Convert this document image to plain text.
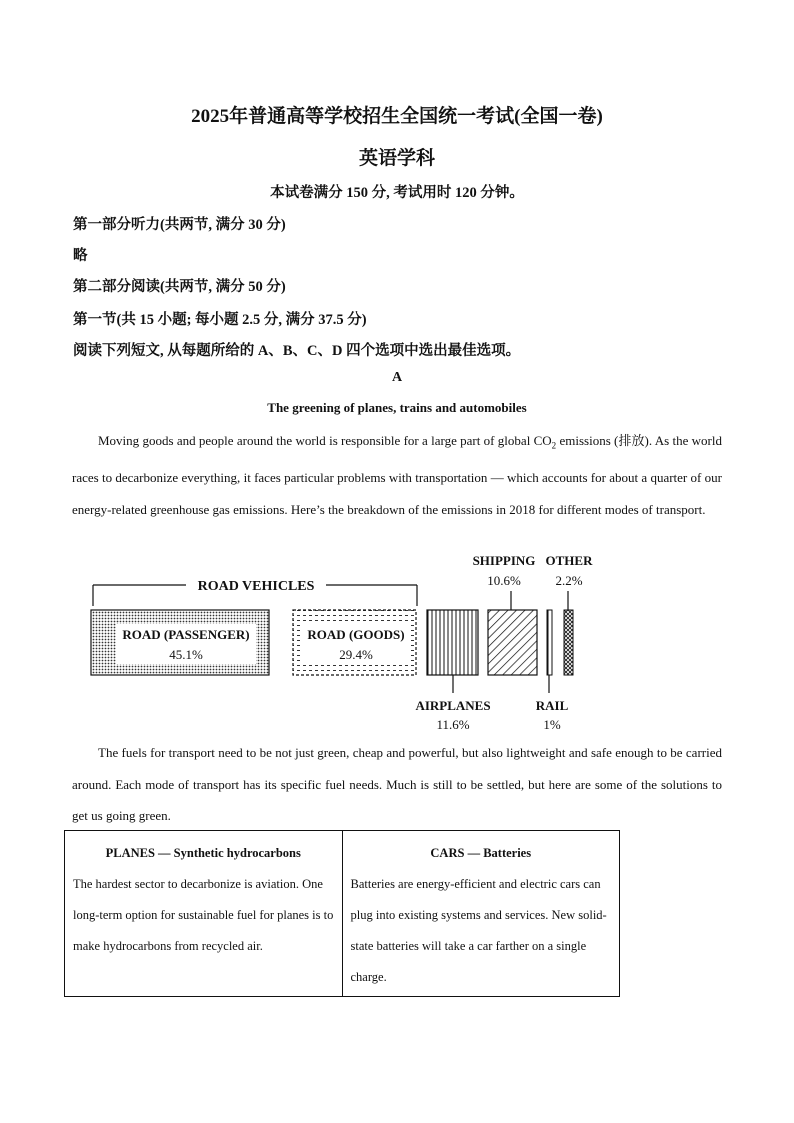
2025年普通高等学校招生全国统一考试(全国一卷)
英语学科
本试卷满分 150 分, 考试用时 120 分钟。
第一部分听力(共两节, 满分 30 分)
略
第二部分阅读(共两节, 满分 50 分)
第一节(共 15 小题; 每小题 2.5 分, 满分 37.5 分)
阅读下列短文, 从每题所给的 A、B、C、D 四个选项中选出最佳选项。
A
The greening of planes, trains and automobiles
Moving goods and people around the world is responsible for a large part of global $CO_2$ emissions (排放). As the world races to decarbonize everything, it faces particular problems with transportation — which accounts for about a quarter of our energy-related greenhouse gas emissions. Here’s the breakdown of the emissions in 2018 for different modes of transport.
ROAD VEHICLES
ROAD (PASSENGER)
45.1%
ROAD (GOODS)
29.4%
AIRPLANES
11.6%
SHIPPING
10.6%
RAIL
1%
OTHER
2.2%
The fuels for transport need to be not just green, cheap and powerful, but also lightweight and safe enough to be carried around. Each mode of transport has its specific fuel needs. Much is still to be settled, but here are some of the solutions to get us going green.
PLANES — Synthetic hydrocarbons
The hardest sector to decarbonize is aviation. One long-term option for sustainable fuel for planes is to make hydrocarbons from recycled air.
CARS — Batteries
Batteries are energy-efficient and electric cars can plug into existing systems and services. New solid-state batteries will take a car farther on a single charge.
